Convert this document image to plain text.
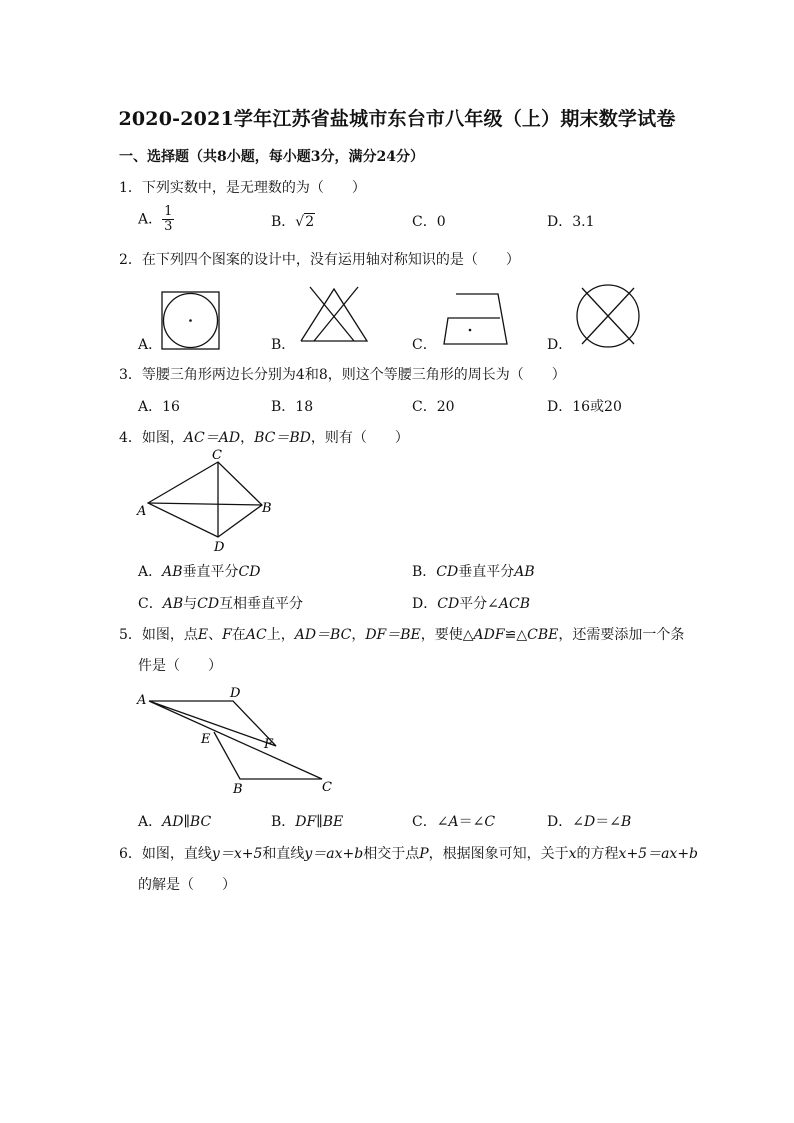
2020-2021学年江苏省盐城市东台市八年级（上）期末数学试卷
一、选择题（共8小题，每小题3分，满分24分）
1．下列实数中，是无理数的为（　　）
A． $\frac{1}{3}$	B．√2	C．0	D．3.1
2．在下列四个图案的设计中，没有运用轴对称知识的是（　　）
A．	B．	C．	D．
3．等腰三角形两边长分别为4和8，则这个等腰三角形的周长为（　　）
A．16	B．18	C．20	D．16或20
4．如图，AC＝AD，BC＝BD，则有（　　）
C
A	B
D
A．AB垂直平分CD	B．CD垂直平分AB
C．AB与CD互相垂直平分	D．CD平分∠ACB
5．如图，点E、F在AC上，AD＝BC，DF＝BE，要使△ADF≌△CBE，还需要添加一个条
件是（　　）
A	D
E	F
B	C
A．AD∥BC	B．DF∥BE	C．∠A＝∠C	D．∠D＝∠B
6．如图，直线y＝x+5和直线y＝ax+b相交于点P，根据图象可知，关于x的方程x+5＝ax+b
的解是（　　）
